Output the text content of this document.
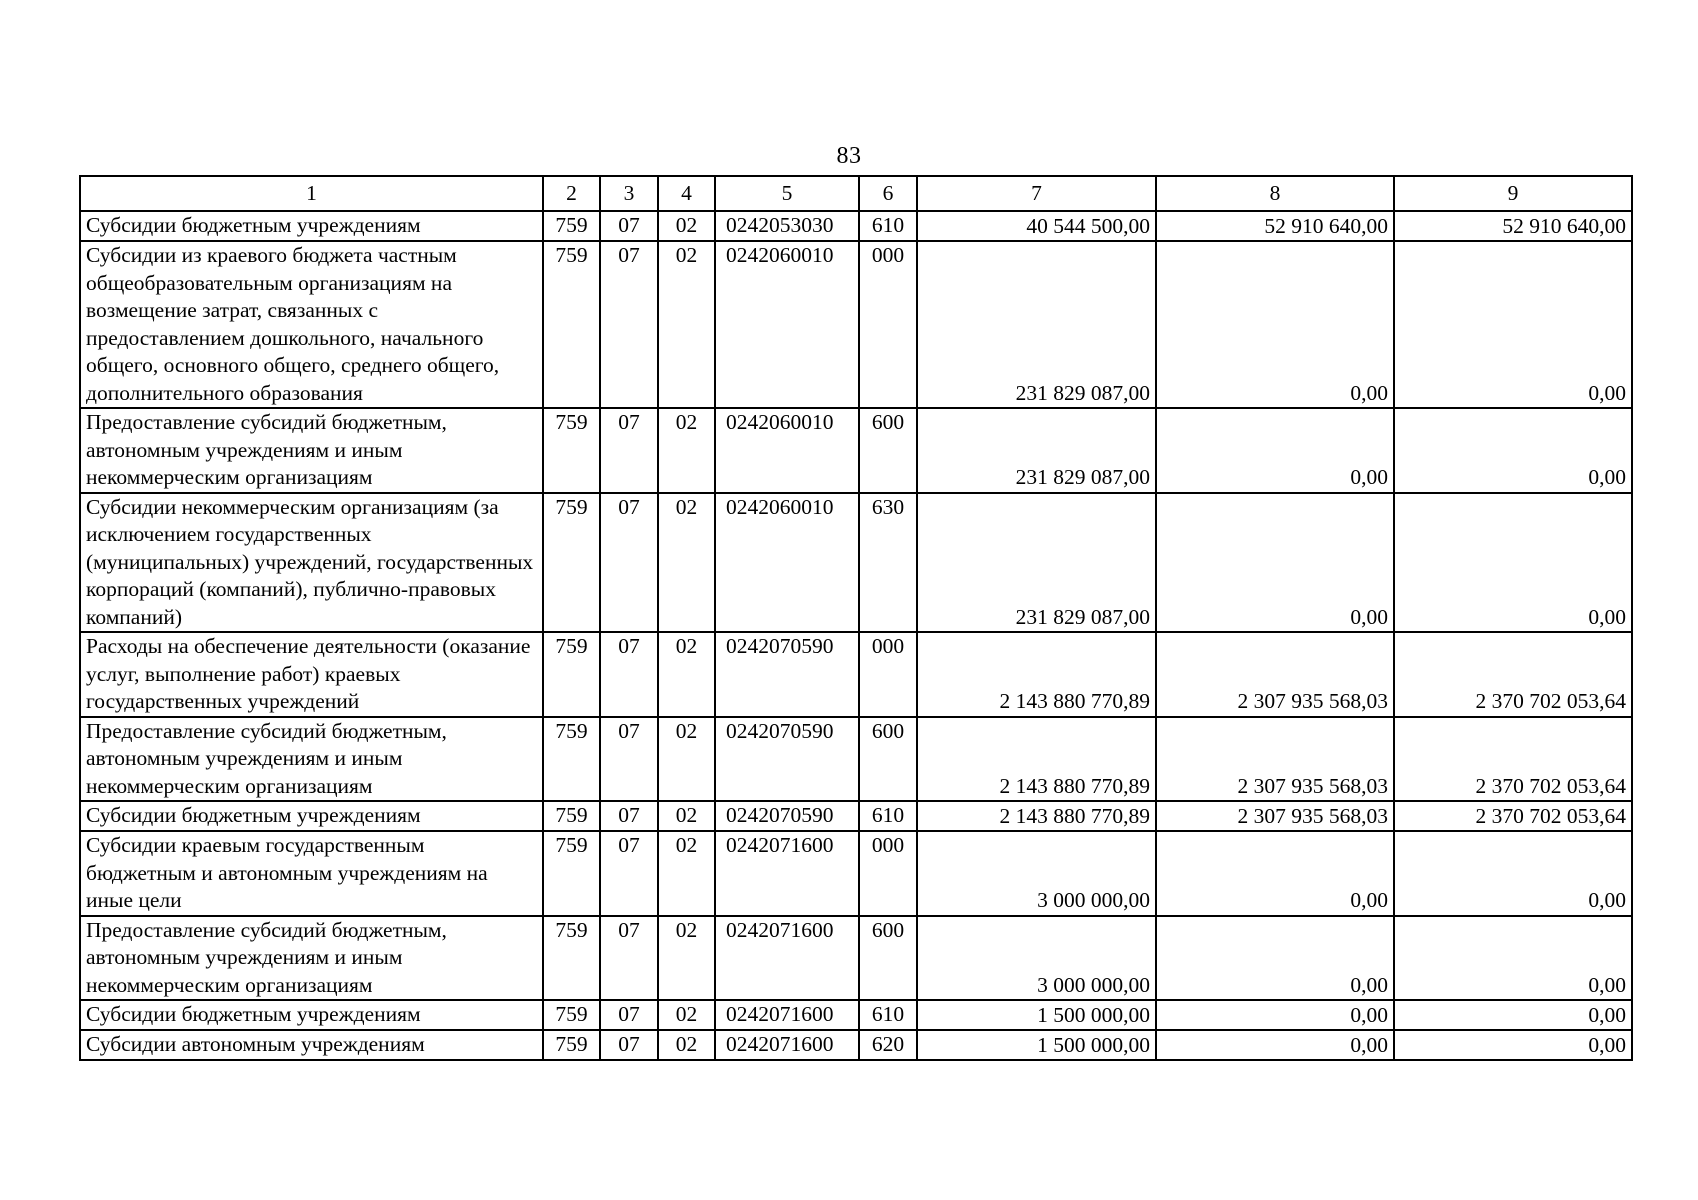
83
1	2	3	4	5	6	7	8	9
Субсидии бюджетным учреждениям	759	07	02	0242053030	610	40 544 500,00	52 910 640,00	52 910 640,00
Субсидии из краевого бюджета частным общеобразовательным организациям на возмещение затрат, связанных с предоставлением дошкольного, начального общего, основного общего, среднего общего, дополнительного образования	759	07	02	0242060010	000	231 829 087,00	0,00	0,00
Предоставление субсидий бюджетным, автономным учреждениям и иным некоммерческим организациям	759	07	02	0242060010	600	231 829 087,00	0,00	0,00
Субсидии некоммерческим организациям (за исключением государственных (муниципальных) учреждений, государственных корпораций (компаний), публично-правовых компаний)	759	07	02	0242060010	630	231 829 087,00	0,00	0,00
Расходы на обеспечение деятельности (оказание услуг, выполнение работ) краевых государственных учреждений	759	07	02	0242070590	000	2 143 880 770,89	2 307 935 568,03	2 370 702 053,64
Предоставление субсидий бюджетным, автономным учреждениям и иным некоммерческим организациям	759	07	02	0242070590	600	2 143 880 770,89	2 307 935 568,03	2 370 702 053,64
Субсидии бюджетным учреждениям	759	07	02	0242070590	610	2 143 880 770,89	2 307 935 568,03	2 370 702 053,64
Субсидии краевым государственным бюджетным и автономным учреждениям на иные цели	759	07	02	0242071600	000	3 000 000,00	0,00	0,00
Предоставление субсидий бюджетным, автономным учреждениям и иным некоммерческим организациям	759	07	02	0242071600	600	3 000 000,00	0,00	0,00
Субсидии бюджетным учреждениям	759	07	02	0242071600	610	1 500 000,00	0,00	0,00
Субсидии автономным учреждениям	759	07	02	0242071600	620	1 500 000,00	0,00	0,00
